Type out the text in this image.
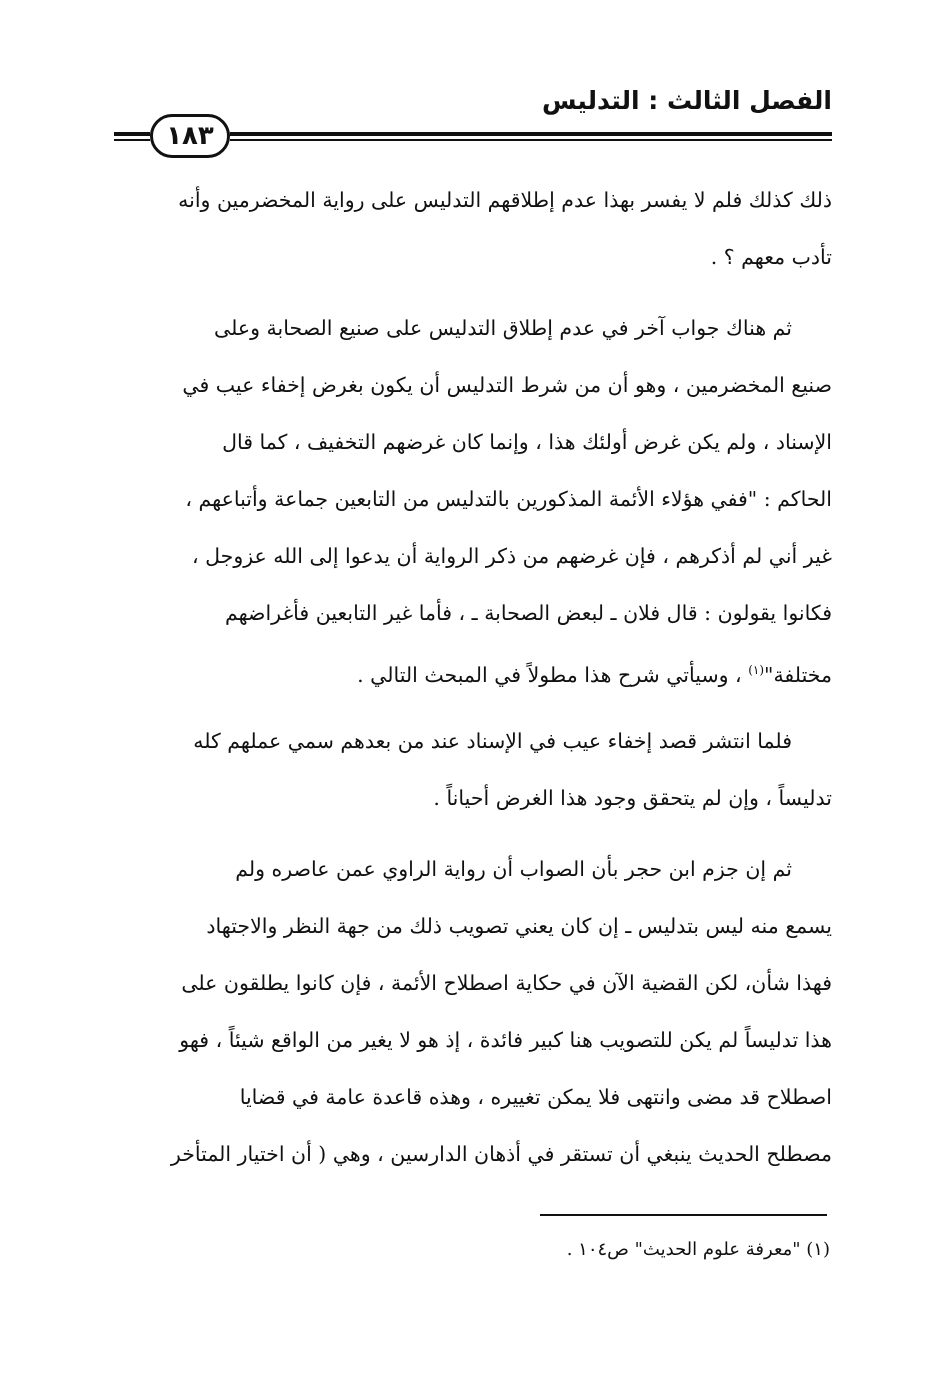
الفصل الثالث : التدليس
١٨٣
ذلك كذلك فلم لا يفسر بهذا عدم إطلاقهم التدليس على رواية المخضرمين وأنه
تأدب معهم ؟ .
ثم هناك جواب آخر في عدم إطلاق التدليس على صنيع الصحابة وعلى
صنيع المخضرمين ، وهو أن من شرط التدليس أن يكون بغرض إخفاء عيب في
الإسناد ، ولم يكن غرض أولئك هذا ، وإنما كان غرضهم التخفيف ، كما قال
الحاكم : "ففي هؤلاء الأئمة المذكورين بالتدليس من التابعين جماعة وأتباعهم ،
غير أني لم أذكرهم ، فإن غرضهم من ذكر الرواية أن يدعوا إلى الله عزوجل ،
فكانوا يقولون : قال فلان ـ لبعض الصحابة ـ ، فأما غير التابعين فأغراضهم
مختلفة"$^{(١)}$ ، وسيأتي شرح هذا مطولاً في المبحث التالي .
فلما انتشر قصد إخفاء عيب في الإسناد عند من بعدهم سمي عملهم كله
تدليساً ، وإن لم يتحقق وجود هذا الغرض أحياناً .
ثم إن جزم ابن حجر بأن الصواب أن رواية الراوي عمن عاصره ولم
يسمع منه ليس بتدليس ـ إن كان يعني تصويب ذلك من جهة النظر والاجتهاد
فهذا شأن، لكن القضية الآن في حكاية اصطلاح الأئمة ، فإن كانوا يطلقون على
هذا تدليساً لم يكن للتصويب هنا كبير فائدة ، إذ هو لا يغير من الواقع شيئاً ، فهو
اصطلاح قد مضى وانتهى فلا يمكن تغييره ، وهذه قاعدة عامة في قضايا
مصطلح الحديث ينبغي أن تستقر في أذهان الدارسين ، وهي ( أن اختيار المتأخر
(١) "معرفة علوم الحديث" ص١٠٤ .
